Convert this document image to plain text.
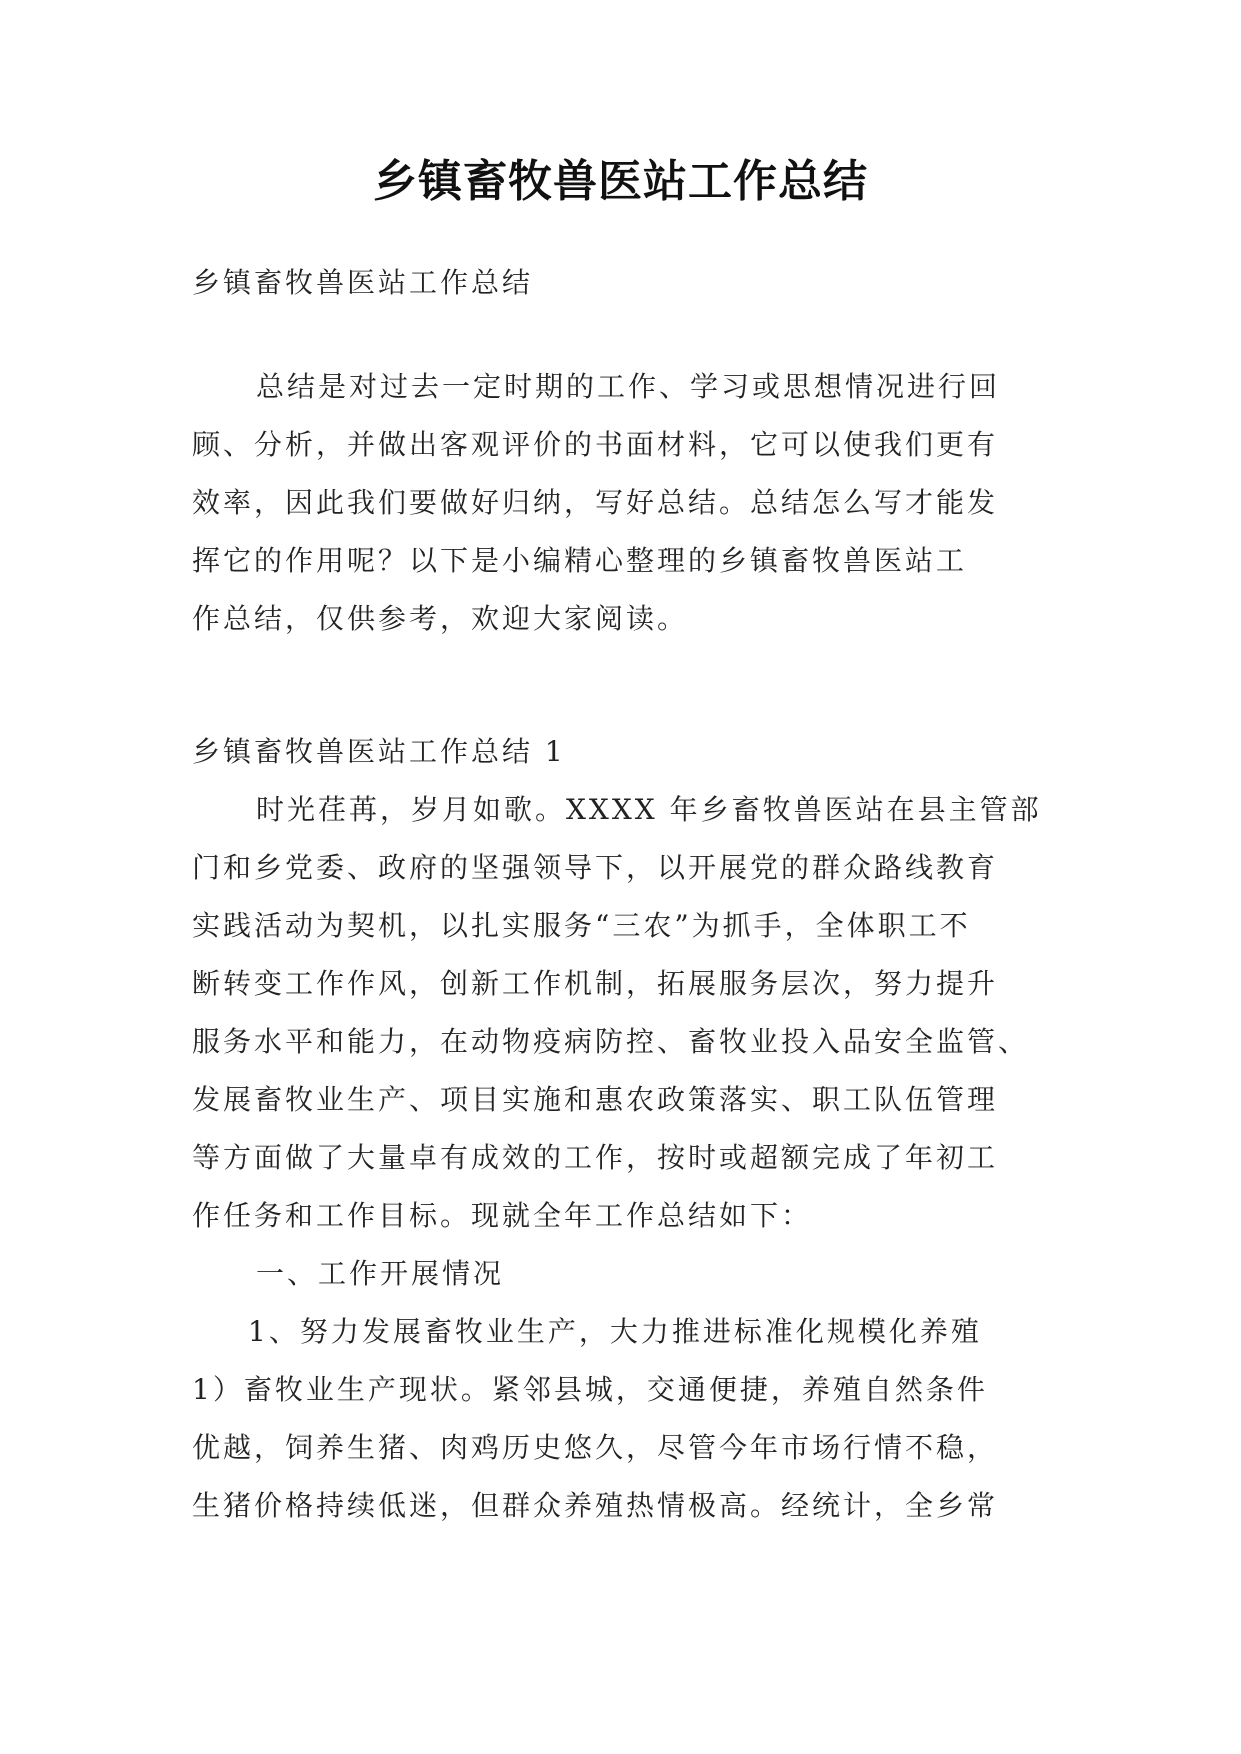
乡镇畜牧兽医站工作总结
乡镇畜牧兽医站工作总结
总结是对过去一定时期的工作、学习或思想情况进行回
顾、分析，并做出客观评价的书面材料，它可以使我们更有
效率，因此我们要做好归纳，写好总结。总结怎么写才能发
挥它的作用呢？以下是小编精心整理的乡镇畜牧兽医站工
作总结，仅供参考，欢迎大家阅读。
乡镇畜牧兽医站工作总结 1
时光荏苒，岁月如歌。XXXX 年乡畜牧兽医站在县主管部
门和乡党委、政府的坚强领导下，以开展党的群众路线教育
实践活动为契机，以扎实服务“三农”为抓手，全体职工不
断转变工作作风，创新工作机制，拓展服务层次，努力提升
服务水平和能力，在动物疫病防控、畜牧业投入品安全监管、
发展畜牧业生产、项目实施和惠农政策落实、职工队伍管理
等方面做了大量卓有成效的工作，按时或超额完成了年初工
作任务和工作目标。现就全年工作总结如下：
一、工作开展情况
1、努力发展畜牧业生产，大力推进标准化规模化养殖
1）畜牧业生产现状。紧邻县城，交通便捷，养殖自然条件
优越，饲养生猪、肉鸡历史悠久，尽管今年市场行情不稳，
生猪价格持续低迷，但群众养殖热情极高。经统计，全乡常
